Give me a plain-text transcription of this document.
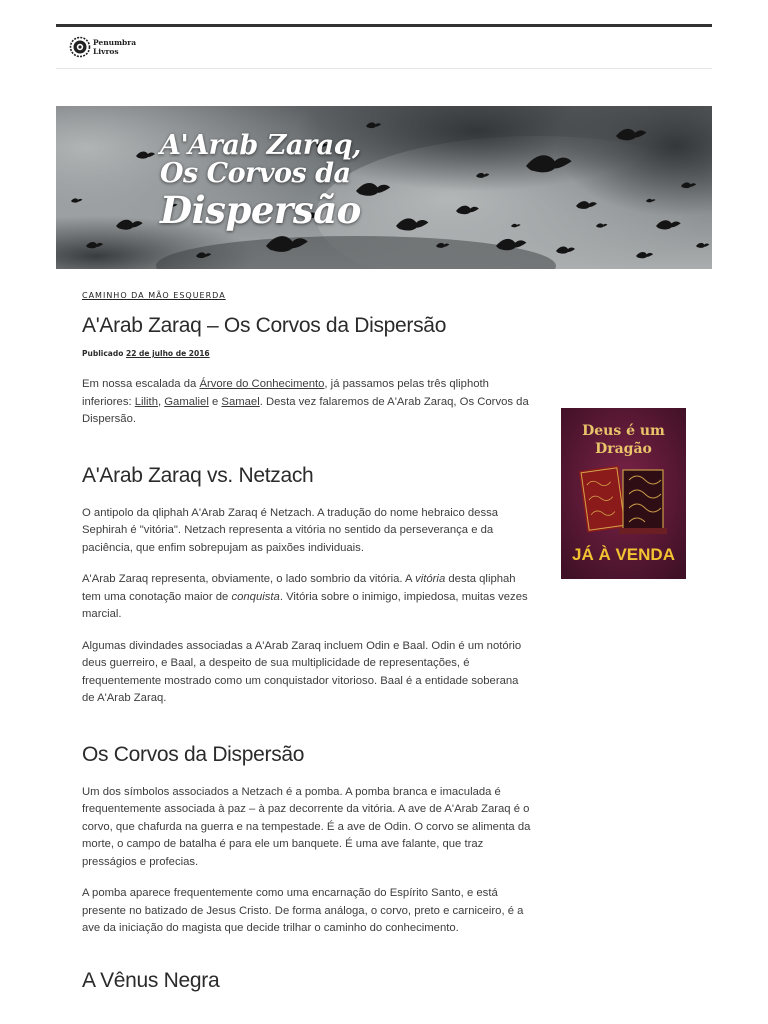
Penumbra
Livros
A'Arab Zaraq,
Os Corvos da
Dispersão
CAMINHO DA MÃO ESQUERDA
A'Arab Zaraq – Os Corvos da Dispersão
Publicado 22 de julho de 2016

Em nossa escalada da Árvore do Conhecimento, já passamos pelas três qliphoth inferiores: Lilith, Gamaliel e Samael. Desta vez falaremos de A'Arab Zaraq, Os Corvos da Dispersão.

A'Arab Zaraq vs. Netzach

O antipolo da qliphah A'Arab Zaraq é Netzach. A tradução do nome hebraico dessa Sephirah é "vitória". Netzach representa a vitória no sentido da perseverança e da paciência, que enfim sobrepujam as paixões individuais.

A'Arab Zaraq representa, obviamente, o lado sombrio da vitória. A vitória desta qliphah tem uma conotação maior de conquista. Vitória sobre o inimigo, impiedosa, muitas vezes marcial.

Algumas divindades associadas a A'Arab Zaraq incluem Odin e Baal. Odin é um notório deus guerreiro, e Baal, a despeito de sua multiplicidade de representações, é frequentemente mostrado como um conquistador vitorioso. Baal é a entidade soberana de A'Arab Zaraq.

Os Corvos da Dispersão

Um dos símbolos associados a Netzach é a pomba. A pomba branca e imaculada é frequentemente associada à paz – à paz decorrente da vitória. A ave de A'Arab Zaraq é o corvo, que chafurda na guerra e na tempestade. É a ave de Odin. O corvo se alimenta da morte, o campo de batalha é para ele um banquete. É uma ave falante, que traz presságios e profecias.

A pomba aparece frequentemente como uma encarnação do Espírito Santo, e está presente no batizado de Jesus Cristo. De forma análoga, o corvo, preto e carniceiro, é a ave da iniciação do magista que decide trilhar o caminho do conhecimento.

A Vênus Negra
Deus é um
Dragão
JÁ À VENDA
